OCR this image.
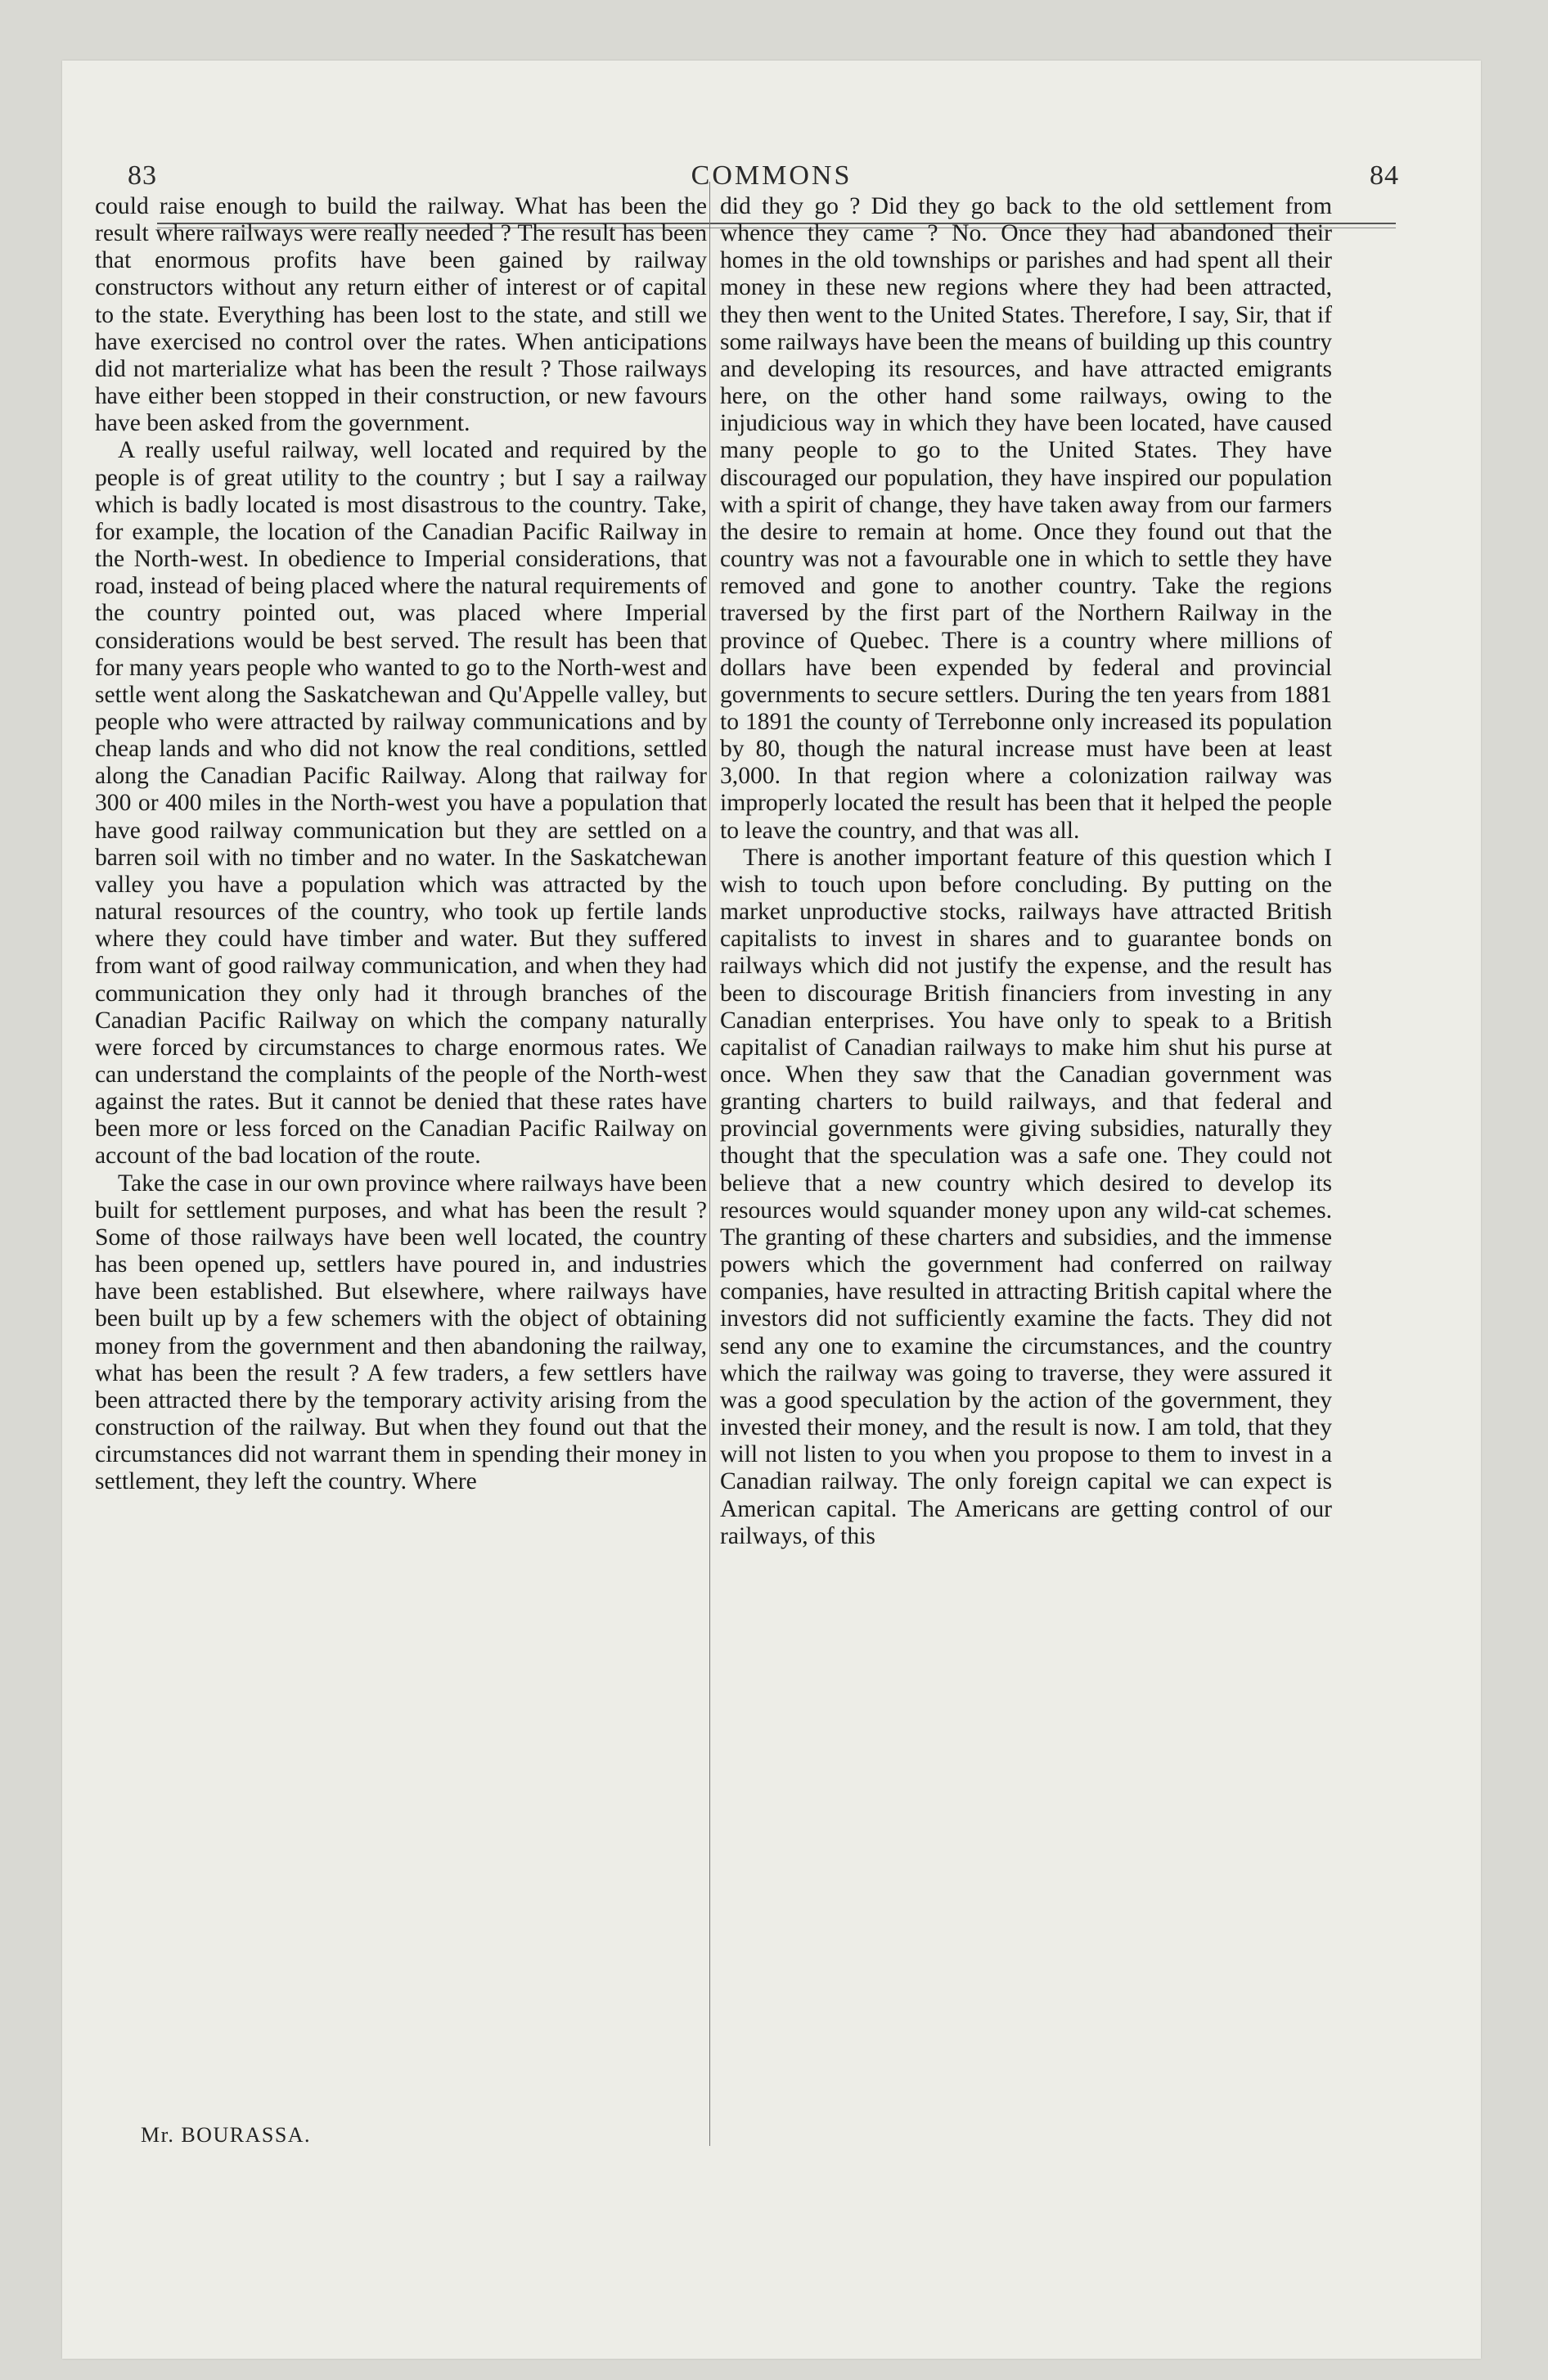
83	COMMONS	84

could raise enough to build the railway. What has been the result where railways were really needed ? The result has been that enormous profits have been gained by railway constructors without any return either of interest or of capital to the state. Everything has been lost to the state, and still we have exercised no control over the rates. When anticipations did not marterialize what has been the result ? Those railways have either been stopped in their construction, or new favours have been asked from the government.

A really useful railway, well located and required by the people is of great utility to the country ; but I say a railway which is badly located is most disastrous to the country. Take, for example, the location of the Canadian Pacific Railway in the North-west. In obedience to Imperial considerations, that road, instead of being placed where the natural requirements of the country pointed out, was placed where Imperial considerations would be best served. The result has been that for many years people who wanted to go to the North-west and settle went along the Saskatchewan and Qu'Appelle valley, but people who were attracted by railway communications and by cheap lands and who did not know the real conditions, settled along the Canadian Pacific Railway. Along that railway for 300 or 400 miles in the North-west you have a population that have good railway communication but they are settled on a barren soil with no timber and no water. In the Saskatchewan valley you have a population which was attracted by the natural resources of the country, who took up fertile lands where they could have timber and water. But they suffered from want of good railway communication, and when they had communication they only had it through branches of the Canadian Pacific Railway on which the company naturally were forced by circumstances to charge enormous rates. We can understand the complaints of the people of the North-west against the rates. But it cannot be denied that these rates have been more or less forced on the Canadian Pacific Railway on account of the bad location of the route.

Take the case in our own province where railways have been built for settlement purposes, and what has been the result ? Some of those railways have been well located, the country has been opened up, settlers have poured in, and industries have been established. But elsewhere, where railways have been built up by a few schemers with the object of obtaining money from the government and then abandoning the railway, what has been the result ? A few traders, a few settlers have been attracted there by the temporary activity arising from the construction of the railway. But when they found out that the circumstances did not warrant them in spending their money in settlement, they left the country. Where

did they go ? Did they go back to the old settlement from whence they came ? No. Once they had abandoned their homes in the old townships or parishes and had spent all their money in these new regions where they had been attracted, they then went to the United States. Therefore, I say, Sir, that if some railways have been the means of building up this country and developing its resources, and have attracted emigrants here, on the other hand some railways, owing to the injudicious way in which they have been located, have caused many people to go to the United States. They have discouraged our population, they have inspired our population with a spirit of change, they have taken away from our farmers the desire to remain at home. Once they found out that the country was not a favourable one in which to settle they have removed and gone to another country. Take the regions traversed by the first part of the Northern Railway in the province of Quebec. There is a country where millions of dollars have been expended by federal and provincial governments to secure settlers. During the ten years from 1881 to 1891 the county of Terrebonne only increased its population by 80, though the natural increase must have been at least 3,000. In that region where a colonization railway was improperly located the result has been that it helped the people to leave the country, and that was all.

There is another important feature of this question which I wish to touch upon before concluding. By putting on the market unproductive stocks, railways have attracted British capitalists to invest in shares and to guarantee bonds on railways which did not justify the expense, and the result has been to discourage British financiers from investing in any Canadian enterprises. You have only to speak to a British capitalist of Canadian railways to make him shut his purse at once. When they saw that the Canadian government was granting charters to build railways, and that federal and provincial governments were giving subsidies, naturally they thought that the speculation was a safe one. They could not believe that a new country which desired to develop its resources would squander money upon any wild-cat schemes. The granting of these charters and subsidies, and the immense powers which the government had conferred on railway companies, have resulted in attracting British capital where the investors did not sufficiently examine the facts. They did not send any one to examine the circumstances, and the country which the railway was going to traverse, they were assured it was a good speculation by the action of the government, they invested their money, and the result is now. I am told, that they will not listen to you when you propose to them to invest in a Canadian railway. The only foreign capital we can expect is American capital. The Americans are getting control of our railways, of this

Mr. BOURASSA.
